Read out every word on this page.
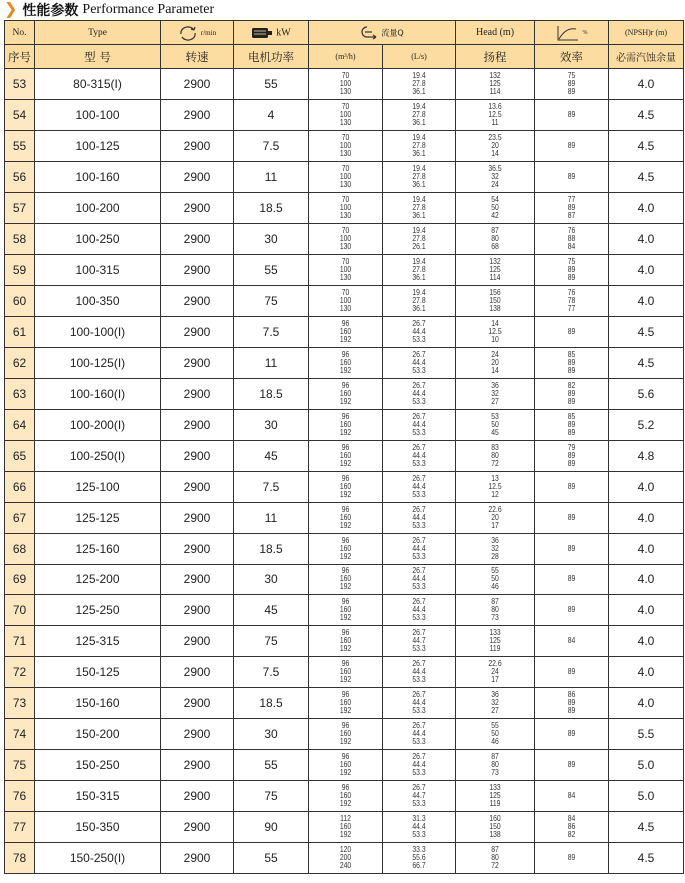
❯ 性能参数 Performance Parameter
No.	Type	r/min	kW	流量Q		Head (m)	%	(NPSH)r (m)
序号	型 号	转速	电机功率	(m³/h)	(L/s)	扬程	效率	必需汽蚀余量
53	80-315(I)	2900	55	70
100
130	19.4
27.8
36.1	132
125
114	75
89
89	4.0
54	100-100	2900	4	70
100
130	19.4
27.8
36.1	13.6
12.5
11	89	4.5
55	100-125	2900	7.5	70
100
130	19.4
27.8
36.1	23.5
20
14	89	4.5
56	100-160	2900	11	70
100
130	19.4
27.8
36.1	36.5
32
24	89	4.5
57	100-200	2900	18.5	70
100
130	19.4
27.8
36.1	54
50
42	77
89
87	4.0
58	100-250	2900	30	70
100
130	19.4
27.8
26.1	87
80
68	76
88
84	4.0
59	100-315	2900	55	70
100
130	19.4
27.8
36.1	132
125
114	75
89
89	4.0
60	100-350	2900	75	70
100
130	19.4
27.8
36.1	156
150
138	76
78
77	4.0
61	100-100(I)	2900	7.5	96
160
192	26.7
44.4
53.3	14
12.5
10	89	4.5
62	100-125(I)	2900	11	96
160
192	26.7
44.4
53.3	24
20
14	85
89
89	4.5
63	100-160(I)	2900	18.5	96
160
192	26.7
44.4
53.3	36
32
27	82
89
89	5.6
64	100-200(I)	2900	30	96
160
192	26.7
44.4
53.3	53
50
45	85
89
89	5.2
65	100-250(I)	2900	45	96
160
192	26.7
44.4
53.3	83
80
72	79
89
89	4.8
66	125-100	2900	7.5	96
160
192	26.7
44.4
53.3	13
12.5
12	89	4.0
67	125-125	2900	11	96
160
192	26.7
44.4
53.3	22.6
20
17	89	4.0
68	125-160	2900	18.5	96
160
192	26.7
44.4
53.3	36
32
28	89	4.0
69	125-200	2900	30	96
160
192	26.7
44.4
53.3	55
50
46	89	4.0
70	125-250	2900	45	96
160
192	26.7
44.4
53.3	87
80
73	89	4.0
71	125-315	2900	75	96
160
192	26.7
44.7
53.3	133
125
119	84	4.0
72	150-125	2900	7.5	96
160
192	26.7
44.4
53.3	22.6
24
17	89	4.0
73	150-160	2900	18.5	96
160
192	26.7
44.4
53.3	36
32
27	86
89
89	4.0
74	150-200	2900	30	96
160
192	26.7
44.4
53.3	55
50
46	89	5.5
75	150-250	2900	55	96
160
192	26.7
44.4
53.3	87
80
73	89	5.0
76	150-315	2900	75	96
160
192	26.7
44.7
53.3	133
125
119	84	5.0
77	150-350	2900	90	112
160
192	31.3
44.4
53.3	160
150
138	84
86
82	4.5
78	150-250(I)	2900	55	120
200
240	33.3
55.6
66.7	87
80
72	89	4.5
